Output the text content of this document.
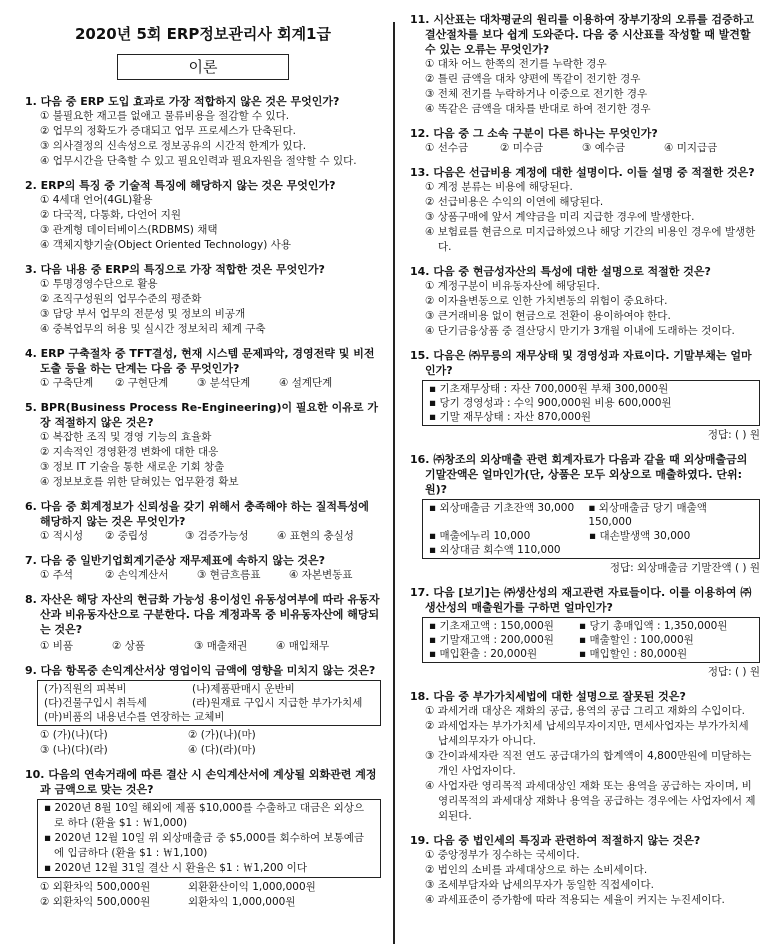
2020년 5회 ERP정보관리사 회계1급
이론
1. 다음 중 ERP 도입 효과로 가장 적합하지 않은 것은 무엇인가?
① 불필요한 재고를 없애고 물류비용을 절감할 수 있다.
② 업무의 정확도가 증대되고 업무 프로세스가 단축된다.
③ 의사결정의 신속성으로 정보공유의 시간적 한계가 있다.
④ 업무시간을 단축할 수 있고 필요인력과 필요자원을 절약할 수 있다.
2. ERP의 특징 중 기술적 특징에 해당하지 않는 것은 무엇인가?
① 4세대 언어(4GL)활용
② 다국적, 다통화, 다언어 지원
③ 관계형 데이터베이스(RDBMS) 채택
④ 객체지향기술(Object Oriented Technology) 사용
3. 다음 내용 중 ERP의 특징으로 가장 적합한 것은 무엇인가?
① 투명경영수단으로 활용
② 조직구성원의 업무수준의 평준화
③ 담당 부서 업무의 전문성 및 정보의 비공개
④ 중복업무의 허용 및 실시간 정보처리 체계 구축
4. ERP 구축절차 중 TFT결성, 현재 시스템 문제파악, 경영전략 및 비전도출 등을 하는 단계는 다음 중 무엇인가?
① 구축단계	② 구현단계	③ 분석단계	④ 설계단계
5. BPR(Business Process Re-Engineering)이 필요한 이유로 가장 적절하지 않은 것은?
① 복잡한 조직 및 경영 기능의 효율화
② 지속적인 경영환경 변화에 대한 대응
③ 정보 IT 기술을 통한 새로운 기회 창출
④ 정보보호를 위한 닫혀있는 업무환경 확보
6. 다음 중 회계정보가 신뢰성을 갖기 위해서 충족해야 하는 질적특성에 해당하지 않는 것은 무엇인가?
① 적시성	② 중립성	③ 검증가능성	④ 표현의 충실성
7. 다음 중 일반기업회계기준상 재무제표에 속하지 않는 것은?
① 주석	② 손익계산서	③ 현금흐름표	④ 자본변동표
8. 자산은 해당 자산의 현금화 가능성 용이성인 유동성여부에 따라 유동자산과 비유동자산으로 구분한다. 다음 계정과목 중 비유동자산에 해당되는 것은?
① 비품	② 상품	③ 매출채권	④ 매입채무
9. 다음 항목중 손익계산서상 영업이익 금액에 영향을 미치지 않는 것은?
(가)직원의 피복비	(나)제품판매시 운반비
(다)건물구입시 취득세	(라)원재료 구입시 지급한 부가가치세
(마)비품의 내용년수를 연장하는 교체비
① (가)(나)(다)	② (가)(나)(마)
③ (나)(다)(라)	④ (다)(라)(마)
10. 다음의 연속거래에 따른 결산 시 손익계산서에 계상될 외화관련 계정과 금액으로 맞는 것은?
▪ 2020년 8월 10일 해외에 제품 $10,000를 수출하고 대금은 외상으로 하다 (환율 $1 : ￦1,000)
▪ 2020년 12월 10일 위 외상매출금 중 $5,000를 회수하여 보통예금에 입금하다 (환율 $1 : ￦1,100)
▪ 2020년 12월 31일 결산 시 환율은 $1 : ￦1,200 이다
① 외환차익 500,000원	외환환산이익 1,000,000원
② 외환차익 500,000원	외환차익 1,000,000원
11. 시산표는 대차평균의 원리를 이용하여 장부기장의 오류를 검증하고 결산절차를 보다 쉽게 도와준다. 다음 중 시산표를 작성할 때 발견할 수 있는 오류는 무엇인가?
① 대차 어느 한쪽의 전기를 누락한 경우
② 틀린 금액을 대차 양편에 똑같이 전기한 경우
③ 전체 전기를 누락하거나 이중으로 전기한 경우
④ 똑같은 금액을 대차를 반대로 하여 전기한 경우
12. 다음 중 그 소속 구분이 다른 하나는 무엇인가?
① 선수금	② 미수금	③ 예수금	④ 미지급금
13. 다음은 선급비용 계정에 대한 설명이다. 이들 설명 중 적절한 것은?
① 계정 분류는 비용에 해당된다.
② 선급비용은 수익의 이연에 해당된다.
③ 상품구매에 앞서 계약금을 미리 지급한 경우에 발생한다.
④ 보험료를 현금으로 미지급하였으나 해당 기간의 비용인 경우에 발생한다.
14. 다음 중 현금성자산의 특성에 대한 설명으로 적절한 것은?
① 계정구분이 비유동자산에 해당된다.
② 이자율변동으로 인한 가치변동의 위험이 중요하다.
③ 큰거래비용 없이 현금으로 전환이 용이하여야 한다.
④ 단기금융상품 중 결산당시 만기가 3개월 이내에 도래하는 것이다.
15. 다음은 ㈜무릉의 재무상태 및 경영성과 자료이다. 기말부채는 얼마인가?
▪ 기초재무상태 : 자산 700,000원 부채 300,000원
▪ 당기 경영성과 : 수익 900,000원 비용 600,000원
▪ 기말 재무상태 : 자산 870,000원
정답: ( ) 원
16. ㈜창조의 외상매출 관련 회계자료가 다음과 같을 때 외상매출금의 기말잔액은 얼마인가(단, 상품은 모두 외상으로 매출하였다. 단위:원)?
▪ 외상매출금 기초잔액 30,000	▪ 외상매출금 당기 매출액 150,000
▪ 매출에누리 10,000	▪ 대손발생액 30,000
▪ 외상대금 회수액 110,000
정답: 외상매출금 기말잔액 ( ) 원
17. 다음 [보기]는 ㈜생산성의 재고관련 자료들이다. 이를 이용하여 ㈜생산성의 매출원가를 구하면 얼마인가?
▪ 기초재고액 : 150,000원	▪ 당기 총매입액 : 1,350,000원
▪ 기말재고액 : 200,000원	▪ 매출할인 : 100,000원
▪ 매입환출 : 20,000원	▪ 매입할인 : 80,000원
정답: ( ) 원
18. 다음 중 부가가치세법에 대한 설명으로 잘못된 것은?
① 과세거래 대상은 재화의 공급, 용역의 공급 그리고 재화의 수입이다.
② 과세업자는 부가가치세 납세의무자이지만, 면세사업자는 부가가치세 납세의무자가 아니다.
③ 간이과세자란 직전 연도 공급대가의 합계액이 4,800만원에 미달하는 개인 사업자이다.
④ 사업자란 영리목적 과세대상인 재화 또는 용역을 공급하는 자이며, 비영리목적의 과세대상 재화나 용역을 공급하는 경우에는 사업자에서 제외된다.
19. 다음 중 법인세의 특징과 관련하여 적절하지 않는 것은?
① 중앙정부가 징수하는 국세이다.
② 법인의 소비를 과세대상으로 하는 소비세이다.
③ 조세부담자와 납세의무자가 동일한 직접세이다.
④ 과세표준이 증가함에 따라 적용되는 세율이 커지는 누진세이다.
